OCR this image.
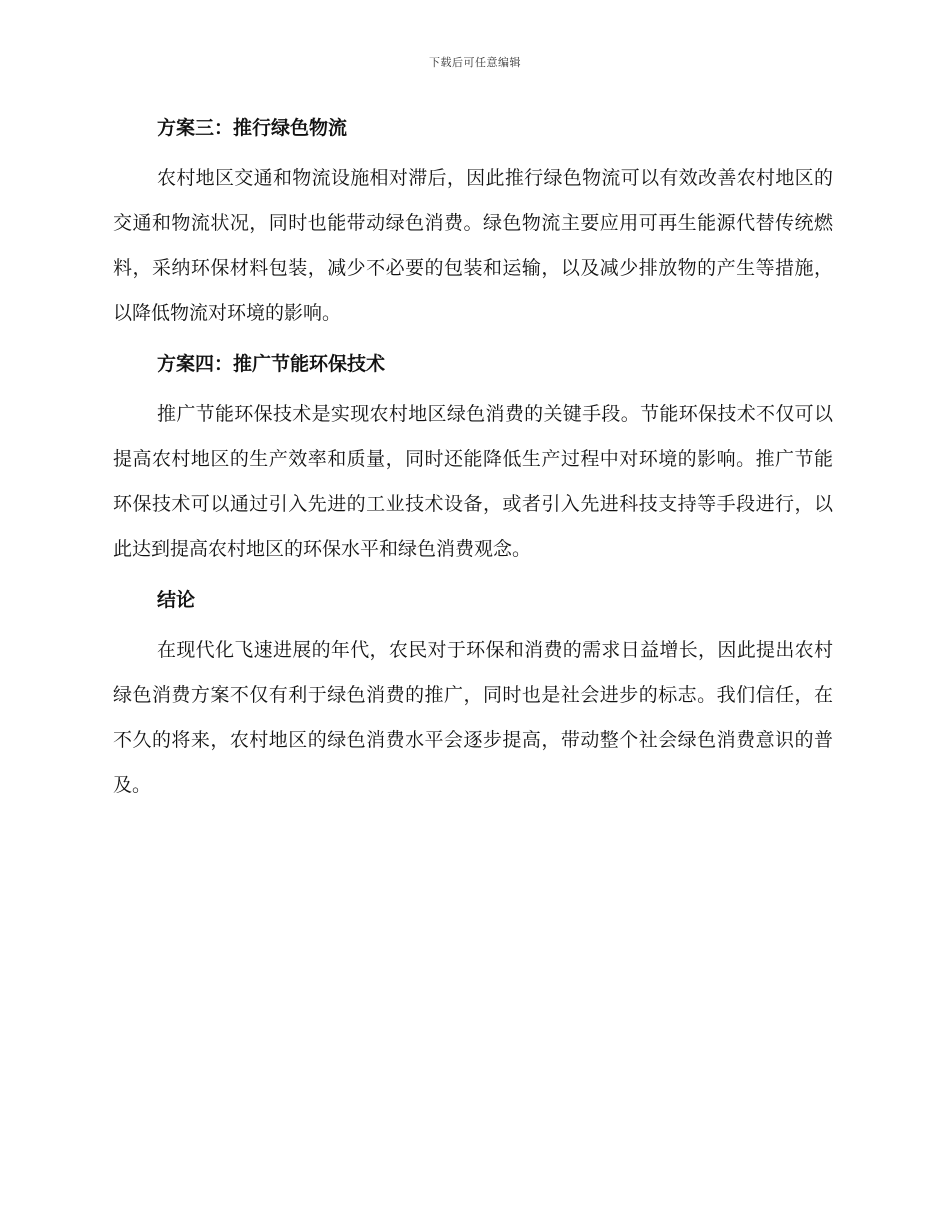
下载后可任意编辑
方案三：推行绿色物流

农村地区交通和物流设施相对滞后，因此推行绿色物流可以有效改善农村地区的交通和物流状况，同时也能带动绿色消费。绿色物流主要应用可再生能源代替传统燃料，采纳环保材料包装，减少不必要的包装和运输，以及减少排放物的产生等措施，以降低物流对环境的影响。

方案四：推广节能环保技术

推广节能环保技术是实现农村地区绿色消费的关键手段。节能环保技术不仅可以提高农村地区的生产效率和质量，同时还能降低生产过程中对环境的影响。推广节能环保技术可以通过引入先进的工业技术设备，或者引入先进科技支持等手段进行，以此达到提高农村地区的环保水平和绿色消费观念。

结论

在现代化飞速进展的年代，农民对于环保和消费的需求日益增长，因此提出农村绿色消费方案不仅有利于绿色消费的推广，同时也是社会进步的标志。我们信任，在不久的将来，农村地区的绿色消费水平会逐步提高，带动整个社会绿色消费意识的普及。
